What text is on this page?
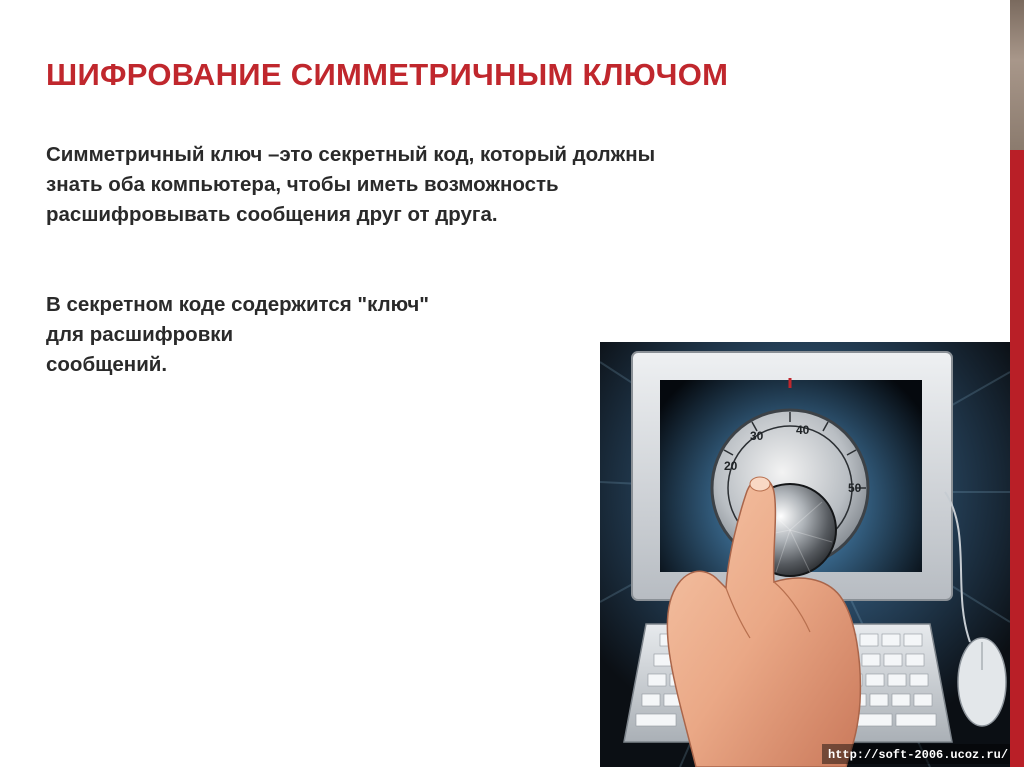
ШИФРОВАНИЕ СИММЕТРИЧНЫМ КЛЮЧОМ

Симметричный ключ –это секретный код, который должны
знать оба компьютера, чтобы иметь возможность
расшифровывать сообщения друг от друга.

В секретном коде содержится "ключ"
для расшифровки
сообщений.

20
30	40
50
http://soft-2006.ucoz.ru/
